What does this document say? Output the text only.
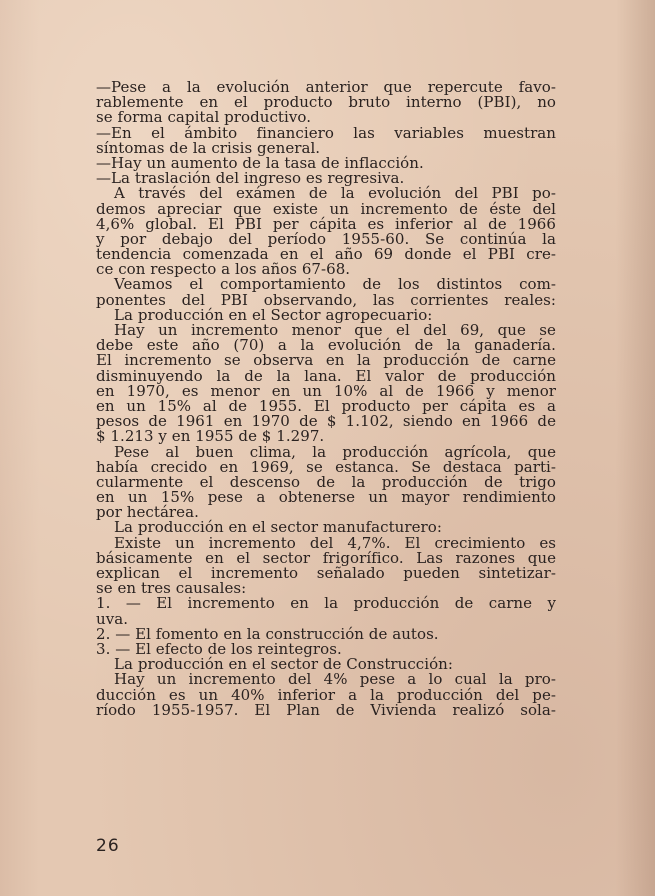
—Pese a la evolución anterior que repercute favo-
rablemente en el producto bruto interno (PBI), no
se forma capital productivo.
—En el ámbito financiero las variables muestran
síntomas de la crisis general.
—Hay un aumento de la tasa de inflacción.
—La traslación del ingreso es regresiva.
A través del exámen de la evolución del PBI po-
demos apreciar que existe un incremento de éste del
4,6% global. El PBI per cápita es inferior al de 1966
y por debajo del período 1955-60. Se continúa la
tendencia comenzada en el año 69 donde el PBI cre-
ce con respecto a los años 67-68.
Veamos el comportamiento de los distintos com-
ponentes del PBI observando, las corrientes reales:
La producción en el Sector agropecuario:
Hay un incremento menor que el del 69, que se
debe este año (70) a la evolución de la ganadería.
El incremento se observa en la producción de carne
disminuyendo la de la lana. El valor de producción
en 1970, es menor en un 10% al de 1966 y menor
en un 15% al de 1955. El producto per cápita es a
pesos de 1961 en 1970 de $ 1.102, siendo en 1966 de
$ 1.213 y en 1955 de $ 1.297.
Pese al buen clima, la producción agrícola, que
había crecido en 1969, se estanca. Se destaca parti-
cularmente el descenso de la producción de trigo
en un 15% pese a obtenerse un mayor rendimiento
por hectárea.
La producción en el sector manufacturero:
Existe un incremento del 4,7%. El crecimiento es
básicamente en el sector frigorífico. Las razones que
explican el incremento señalado pueden sintetizar-
se en tres causales:
1. — El incremento en la producción de carne y
uva.
2. — El fomento en la construcción de autos.
3. — El efecto de los reintegros.
La producción en el sector de Construcción:
Hay un incremento del 4% pese a lo cual la pro-
ducción es un 40% inferior a la producción del pe-
ríodo 1955-1957. El Plan de Vivienda realizó sola-
26
